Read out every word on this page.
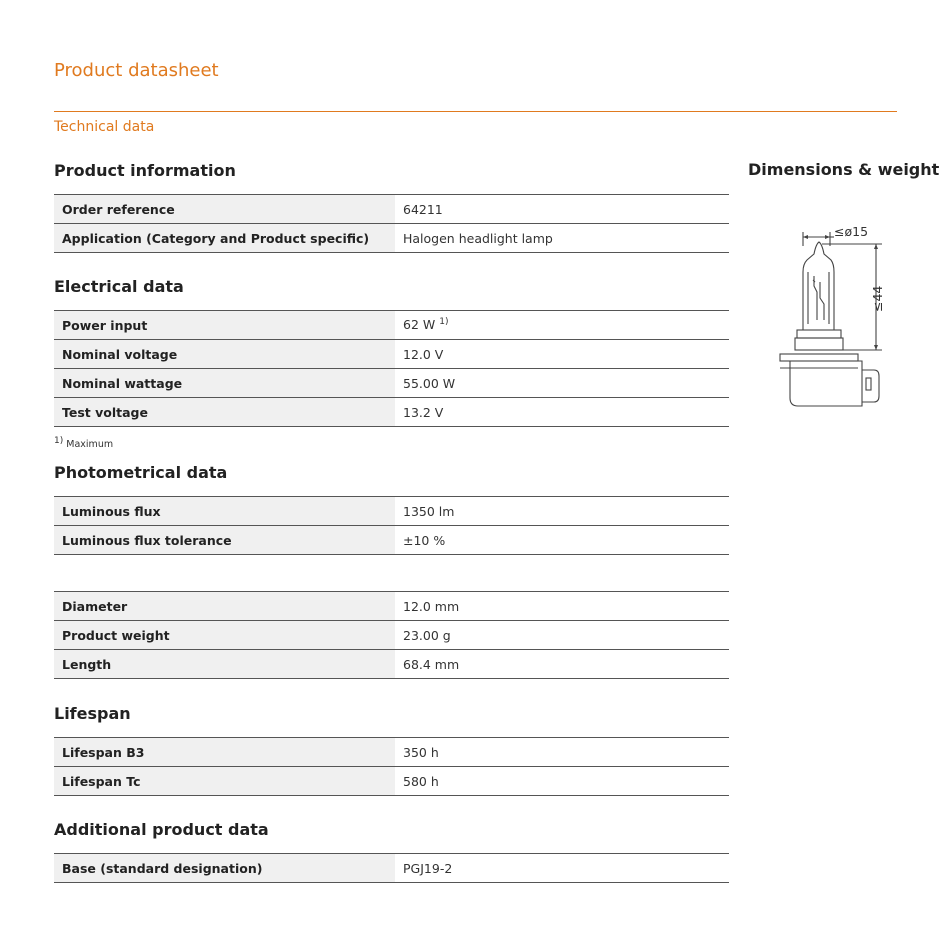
Product datasheet
Technical data
Product information
Order reference	64211
Application (Category and Product specific)	Halogen headlight lamp
Electrical data
Power input	62 W $^{1)}$
Nominal voltage	12.0 V
Nominal wattage	55.00 W
Test voltage	13.2 V
$^{1)}$ Maximum
Photometrical data
Luminous flux	1350 lm
Luminous flux tolerance	±10 %
Diameter	12.0 mm
Product weight	23.00 g
Length	68.4 mm
Lifespan
Lifespan B3	350 h
Lifespan Tc	580 h
Additional product data
Base (standard designation)	PGJ19-2
Dimensions & weight
≤ø15
≤44
